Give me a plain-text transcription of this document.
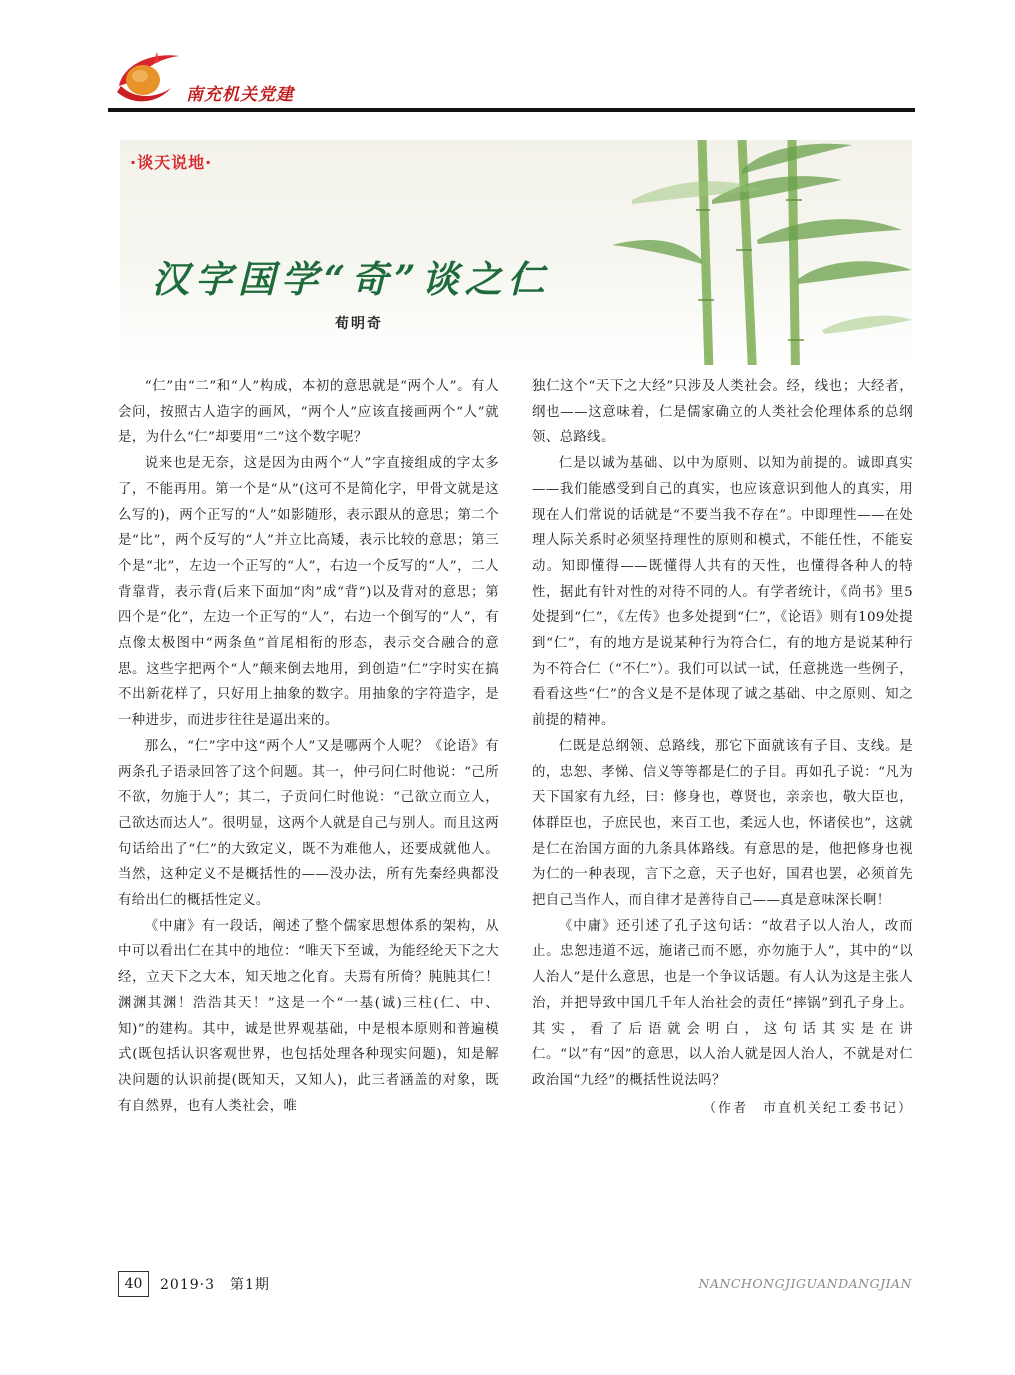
南充机关党建
·谈天说地·
汉字国学“奇”谈之仁
荀明奇

“仁”由“二”和“人”构成，本初的意思就是“两个人”。有人会问，按照古人造字的画风，“两个人”应该直接画两个“人”就是，为什么“仁”却要用“二”这个数字呢？

说来也是无奈，这是因为由两个“人”字直接组成的字太多了，不能再用。第一个是“从”(这可不是简化字，甲骨文就是这么写的)，两个正写的“人”如影随形，表示跟从的意思；第二个是“比”，两个反写的“人”并立比高矮，表示比较的意思；第三个是“北”，左边一个正写的“人”，右边一个反写的“人”，二人背靠背，表示背(后来下面加“肉”成“背”)以及背对的意思；第四个是“化”，左边一个正写的“人”，右边一个倒写的“人”，有点像太极图中“两条鱼”首尾相衔的形态，表示交合融合的意思。这些字把两个“人”颠来倒去地用，到创造“仁”字时实在搞不出新花样了，只好用上抽象的数字。用抽象的字符造字，是一种进步，而进步往往是逼出来的。

那么，“仁”字中这“两个人”又是哪两个人呢？《论语》有两条孔子语录回答了这个问题。其一，仲弓问仁时他说：“己所不欲，勿施于人”；其二，子贡问仁时他说：“己欲立而立人，己欲达而达人”。很明显，这两个人就是自己与别人。而且这两句话给出了“仁”的大致定义，既不为难他人，还要成就他人。当然，这种定义不是概括性的——没办法，所有先秦经典都没有给出仁的概括性定义。

《中庸》有一段话，阐述了整个儒家思想体系的架构，从中可以看出仁在其中的地位：“唯天下至诚，为能经纶天下之大经，立天下之大本，知天地之化育。夫焉有所倚？肫肫其仁！渊渊其渊！浩浩其天！”这是一个“一基(诚)三柱(仁、中、知)”的建构。其中，诚是世界观基础，中是根本原则和普遍模式(既包括认识客观世界，也包括处理各种现实问题)，知是解决问题的认识前提(既知天，又知人)，此三者涵盖的对象，既有自然界，也有人类社会，唯

独仁这个“天下之大经”只涉及人类社会。经，线也；大经者，纲也——这意味着，仁是儒家确立的人类社会伦理体系的总纲领、总路线。

仁是以诚为基础、以中为原则、以知为前提的。诚即真实——我们能感受到自己的真实，也应该意识到他人的真实，用现在人们常说的话就是“不要当我不存在”。中即理性——在处理人际关系时必须坚持理性的原则和模式，不能任性，不能妄动。知即懂得——既懂得人共有的天性，也懂得各种人的特性，据此有针对性的对待不同的人。有学者统计，《尚书》里5处提到“仁”，《左传》也多处提到“仁”，《论语》则有109处提到“仁”，有的地方是说某种行为符合仁，有的地方是说某种行为不符合仁（“不仁”）。我们可以试一试，任意挑选一些例子，看看这些“仁”的含义是不是体现了诚之基础、中之原则、知之前提的精神。

仁既是总纲领、总路线，那它下面就该有子目、支线。是的，忠恕、孝悌、信义等等都是仁的子目。再如孔子说：“凡为天下国家有九经，曰：修身也，尊贤也，亲亲也，敬大臣也，体群臣也，子庶民也，来百工也，柔远人也，怀诸侯也”，这就是仁在治国方面的九条具体路线。有意思的是，他把修身也视为仁的一种表现，言下之意，天子也好，国君也罢，必须首先把自己当作人，而自律才是善待自己——真是意味深长啊！

《中庸》还引述了孔子这句话：“故君子以人治人，改而止。忠恕违道不远，施诸己而不愿，亦勿施于人”，其中的“以人治人”是什么意思，也是一个争议话题。有人认为这是主张人治，并把导致中国几千年人治社会的责任“摔锅”到孔子身上。其实，看了后语就会明白，这句话其实是在讲仁。“以”有“因”的意思，以人治人就是因人治人，不就是对仁政治国“九经”的概括性说法吗？

（作者　市直机关纪工委书记）
40	2019·3　第1期	NANCHONGJIGUANDANGJIAN
